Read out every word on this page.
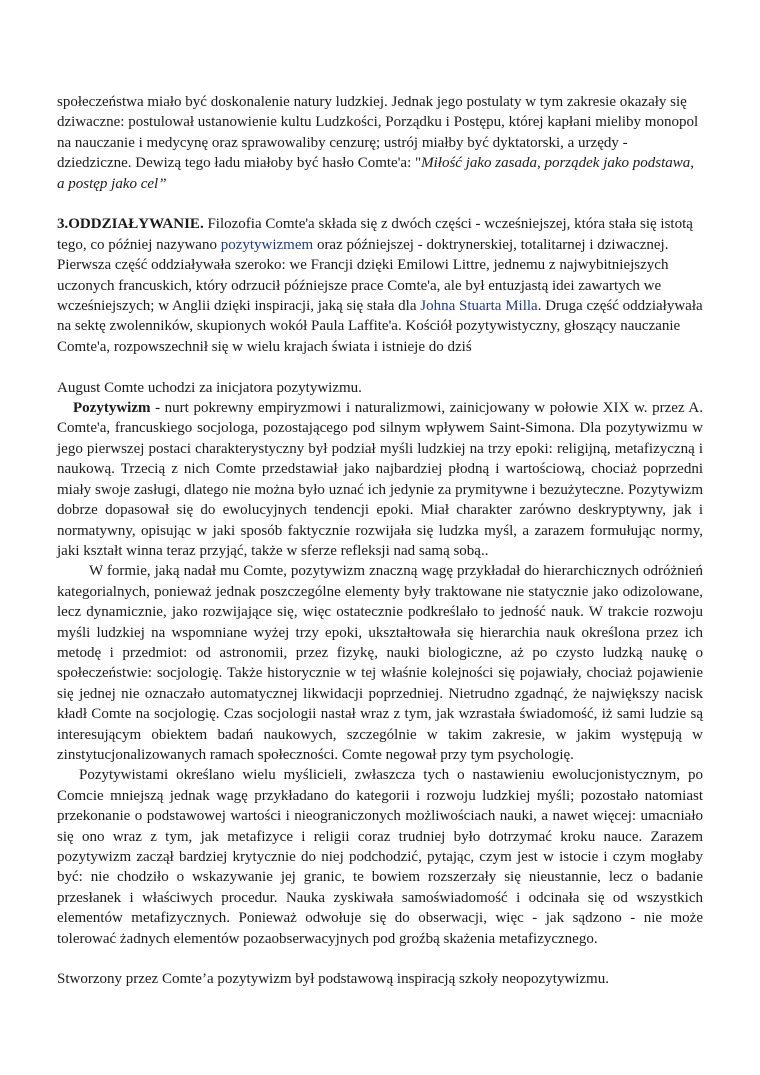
społeczeństwa miało być doskonalenie natury ludzkiej. Jednak jego postulaty w tym zakresie okazały się dziwaczne: postulował ustanowienie kultu Ludzkości, Porządku i Postępu, której kapłani mieliby monopol na nauczanie i medycynę oraz sprawowaliby cenzurę; ustrój miałby być dyktatorski, a urzędy - dziedziczne. Dewizą tego ładu miałoby być hasło Comte'a: "Miłość jako zasada, porządek jako podstawa, a postęp jako cel”

3.ODDZIAŁYWANIE. Filozofia Comte'a składa się z dwóch części - wcześniejszej, która stała się istotą tego, co później nazywano pozytywizmem oraz późniejszej - doktrynerskiej, totalitarnej i dziwacznej. Pierwsza część oddziaływała szeroko: we Francji dzięki Emilowi Littre, jednemu z najwybitniejszych uczonych francuskich, który odrzucił późniejsze prace Comte'a, ale był entuzjastą idei zawartych we wcześniejszych; w Anglii dzięki inspiracji, jaką się stała dla Johna Stuarta Milla. Druga część oddziaływała na sektę zwolenników, skupionych wokół Paula Laffite'a. Kościół pozytywistyczny, głoszący nauczanie Comte'a, rozpowszechnił się w wielu krajach świata i istnieje do dziś

August Comte uchodzi za inicjatora pozytywizmu.

Pozytywizm - nurt pokrewny empiryzmowi i naturalizmowi, zainicjowany w połowie XIX w. przez A. Comte'a, francuskiego socjologa, pozostającego pod silnym wpływem Saint-Simona. Dla pozytywizmu w jego pierwszej postaci charakterystyczny był podział myśli ludzkiej na trzy epoki: religijną, metafizyczną i naukową. Trzecią z nich Comte przedstawiał jako najbardziej płodną i wartościową, chociaż poprzedni miały swoje zasługi, dlatego nie można było uznać ich jedynie za prymitywne i bezużyteczne. Pozytywizm dobrze dopasował się do ewolucyjnych tendencji epoki. Miał charakter zarówno deskryptywny, jak i normatywny, opisując w jaki sposób faktycznie rozwijała się ludzka myśl, a zarazem formułując normy, jaki kształt winna teraz przyjąć, także w sferze refleksji nad samą sobą..

W formie, jaką nadał mu Comte, pozytywizm znaczną wagę przykładał do hierarchicznych odróżnień kategorialnych, ponieważ jednak poszczególne elementy były traktowane nie statycznie jako odizolowane, lecz dynamicznie, jako rozwijające się, więc ostatecznie podkreślało to jedność nauk. W trakcie rozwoju myśli ludzkiej na wspomniane wyżej trzy epoki, ukształtowała się hierarchia nauk określona przez ich metodę i przedmiot: od astronomii, przez fizykę, nauki biologiczne, aż po czysto ludzką naukę o społeczeństwie: socjologię. Także historycznie w tej właśnie kolejności się pojawiały, chociaż pojawienie się jednej nie oznaczało automatycznej likwidacji poprzedniej. Nietrudno zgadnąć, że największy nacisk kładł Comte na socjologię. Czas socjologii nastał wraz z tym, jak wzrastała świadomość, iż sami ludzie są interesującym obiektem badań naukowych, szczególnie w takim zakresie, w jakim występują w zinstytucjonalizowanych ramach społeczności. Comte negował przy tym psychologię.

Pozytywistami określano wielu myślicieli, zwłaszcza tych o nastawieniu ewolucjonistycznym, po Comcie mniejszą jednak wagę przykładano do kategorii i rozwoju ludzkiej myśli; pozostało natomiast przekonanie o podstawowej wartości i nieograniczonych możliwościach nauki, a nawet więcej: umacniało się ono wraz z tym, jak metafizyce i religii coraz trudniej było dotrzymać kroku nauce. Zarazem pozytywizm zaczął bardziej krytycznie do niej podchodzić, pytając, czym jest w istocie i czym mogłaby być: nie chodziło o wskazywanie jej granic, te bowiem rozszerzały się nieustannie, lecz o badanie przesłanek i właściwych procedur. Nauka zyskiwała samoświadomość i odcinała się od wszystkich elementów metafizycznych. Ponieważ odwołuje się do obserwacji, więc - jak sądzono - nie może tolerować żadnych elementów pozaobserwacyjnych pod groźbą skażenia metafizycznego.

Stworzony przez Comte’a pozytywizm był podstawową inspiracją szkoły neopozytywizmu.
